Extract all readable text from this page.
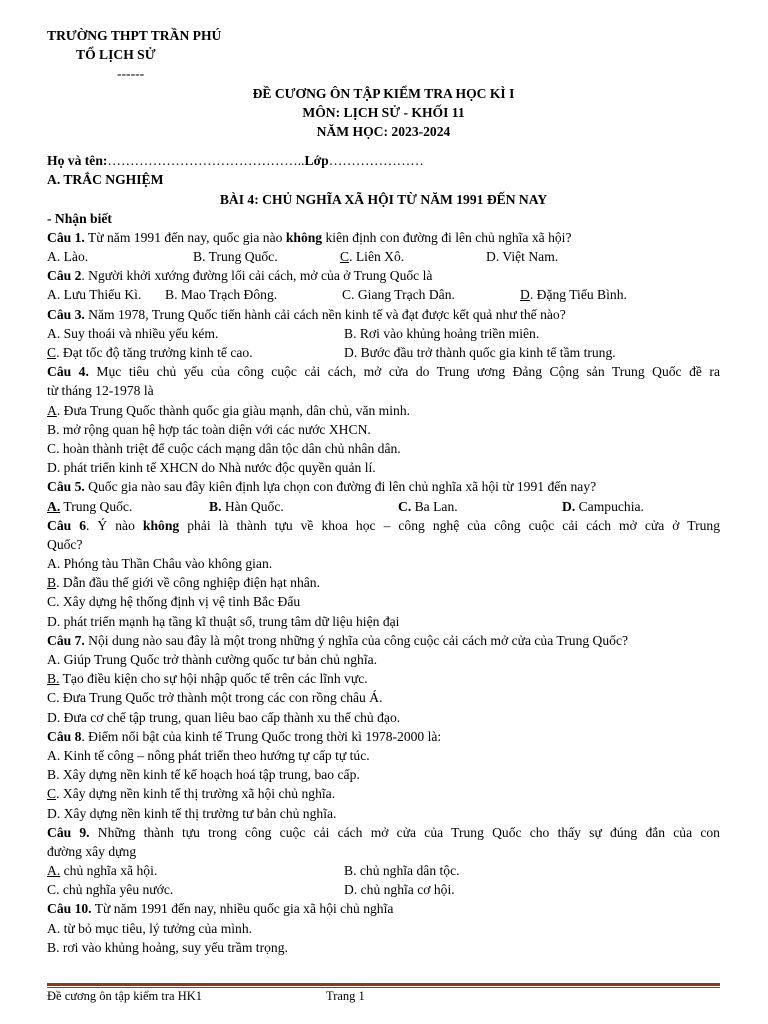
TRƯỜNG THPT TRẦN PHÚ
TỔ LỊCH SỬ
------
ĐỀ CƯƠNG ÔN TẬP KIỂM TRA HỌC KÌ I
MÔN: LỊCH SỬ - KHỐI 11
NĂM HỌC: 2023-2024
Họ và tên:……………………………………..Lớp…………………
A. TRẮC NGHIỆM
BÀI 4: CHỦ NGHĨA XÃ HỘI TỪ NĂM 1991 ĐẾN NAY
- Nhận biết
Câu 1. Từ năm 1991 đến nay, quốc gia nào không kiên định con đường đi lên chủ nghĩa xã hội?
A. Lào.	B. Trung Quốc.	C. Liên Xô.	D. Việt Nam.
Câu 2. Người khởi xướng đường lối cải cách, mở của ở Trung Quốc là
A. Lưu Thiếu Kì. B. Mao Trạch Đông.	C. Giang Trạch Dân.	D. Đặng Tiểu Bình.
Câu 3. Năm 1978, Trung Quốc tiến hành cải cách nền kinh tế và đạt được kết quả như thế nào?
A. Suy thoái và nhiều yếu kém.	B. Rơi vào khủng hoảng triền miên.
C. Đạt tốc độ tăng trưởng kinh tế cao.	D. Bước đầu trở thành quốc gia kinh tế tầm trung.
Câu 4. Mục tiêu chủ yếu của công cuộc cải cách, mở cửa do Trung ương Đảng Cộng sản Trung Quốc đề ra
từ tháng 12-1978 là
A. Đưa Trung Quốc thành quốc gia giàu mạnh, dân chủ, văn minh.
B. mở rộng quan hệ hợp tác toàn diện với các nước XHCN.
C. hoàn thành triệt để cuộc cách mạng dân tộc dân chủ nhân dân.
D. phát triển kinh tế XHCN do Nhà nước độc quyền quản lí.
Câu 5. Quốc gia nào sau đây kiên định lựa chọn con đường đi lên chủ nghĩa xã hội từ 1991 đến nay?
A. Trung Quốc.	B. Hàn Quốc.	C. Ba Lan.	D. Campuchia.
Câu 6. Ý nào không phải là thành tựu về khoa học – công nghệ của công cuộc cải cách mở cửa ở Trung
Quốc?
A. Phóng tàu Thần Châu vào không gian.
B. Dẫn đầu thế giới về công nghiệp điện hạt nhân.
C. Xây dựng hệ thống định vị vệ tinh Bắc Đẩu
D. phát triển mạnh hạ tầng kĩ thuật số, trung tâm dữ liệu hiện đại
Câu 7. Nội dung nào sau đây là một trong những ý nghĩa của công cuộc cải cách mở cửa của Trung Quốc?
A. Giúp Trung Quốc trở thành cường quốc tư bản chủ nghĩa.
B. Tạo điều kiện cho sự hội nhập quốc tế trên các lĩnh vực.
C. Đưa Trung Quốc trở thành một trong các con rồng châu Á.
D. Đưa cơ chế tập trung, quan liêu bao cấp thành xu thế chủ đạo.
Câu 8. Điểm nổi bật của kinh tế Trung Quốc trong thời kì 1978-2000 là:
A. Kinh tế công – nông phát triển theo hướng tự cấp tự túc.
B. Xây dựng nền kinh tế kế hoạch hoá tập trung, bao cấp.
C. Xây dựng nền kinh tế thị trường xã hội chủ nghĩa.
D. Xây dựng nền kinh tế thị trường tư bản chủ nghĩa.
Câu 9. Những thành tựu trong công cuộc cải cách mở cửa của Trung Quốc cho thấy sự đúng đắn của con
đường xây dựng
A. chủ nghĩa xã hội.	B. chủ nghĩa dân tộc.
C. chủ nghĩa yêu nước.	D. chủ nghĩa cơ hội.
Câu 10. Từ năm 1991 đến nay, nhiều quốc gia xã hội chủ nghĩa
A. từ bỏ mục tiêu, lý tưởng của mình.
B. rơi vào khủng hoảng, suy yếu trầm trọng.
Đề cương ôn tập kiểm tra HK1	Trang 1
